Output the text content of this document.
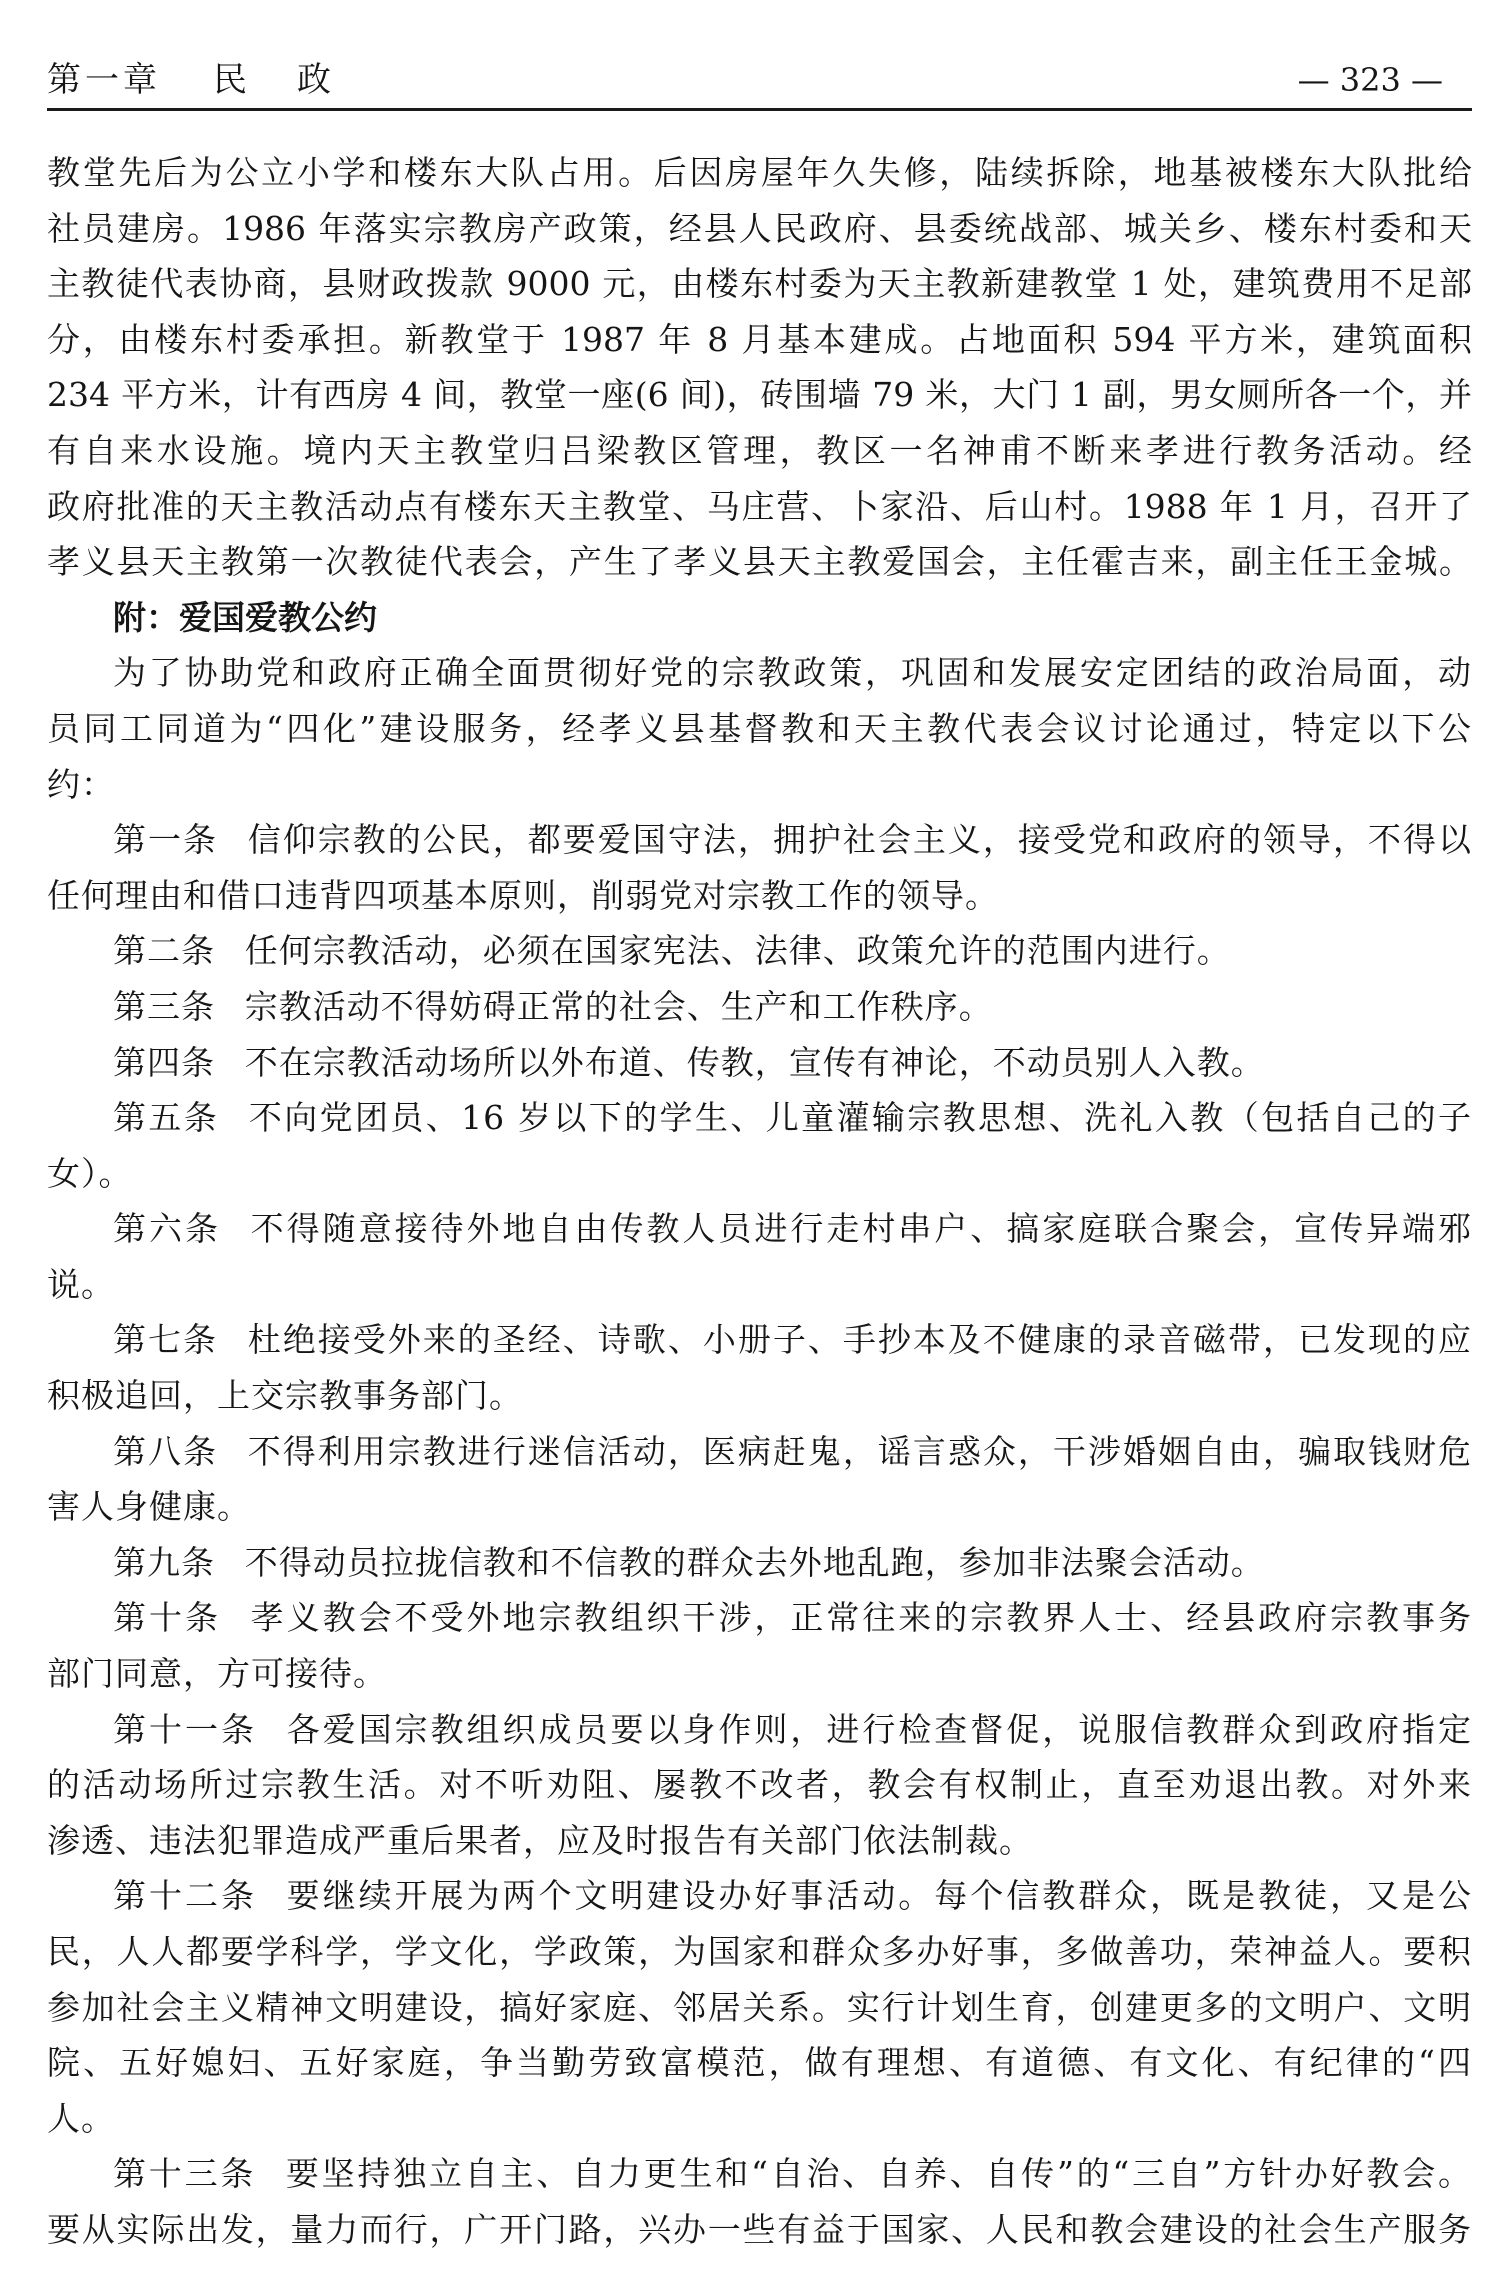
第一章 民政	— 323 —
教堂先后为公立小学和楼东大队占用。后因房屋年久失修，陆续拆除，地基被楼东大队批给
社员建房。1986 年落实宗教房产政策，经县人民政府、县委统战部、城关乡、楼东村委和天
主教徒代表协商，县财政拨款 9000 元，由楼东村委为天主教新建教堂 1 处，建筑费用不足部
分，由楼东村委承担。新教堂于 1987 年 8 月基本建成。占地面积 594 平方米，建筑面积
234 平方米，计有西房 4 间，教堂一座(6 间)，砖围墙 79 米，大门 1 副，男女厕所各一个，并
有自来水设施。境内天主教堂归吕梁教区管理，教区一名神甫不断来孝进行教务活动。经
政府批准的天主教活动点有楼东天主教堂、马庄营、卜家沿、后山村。1988 年 1 月，召开了
孝义县天主教第一次教徒代表会，产生了孝义县天主教爱国会，主任霍吉来，副主任王金城。
附：爱国爱教公约
为了协助党和政府正确全面贯彻好党的宗教政策，巩固和发展安定团结的政治局面，动
员同工同道为“四化”建设服务，经孝义县基督教和天主教代表会议讨论通过，特定以下公
约：
第一条 信仰宗教的公民，都要爱国守法，拥护社会主义，接受党和政府的领导，不得以
任何理由和借口违背四项基本原则，削弱党对宗教工作的领导。
第二条 任何宗教活动，必须在国家宪法、法律、政策允许的范围内进行。
第三条 宗教活动不得妨碍正常的社会、生产和工作秩序。
第四条 不在宗教活动场所以外布道、传教，宣传有神论，不动员别人入教。
第五条 不向党团员、16 岁以下的学生、儿童灌输宗教思想、洗礼入教（包括自己的子
女）。
第六条 不得随意接待外地自由传教人员进行走村串户、搞家庭联合聚会，宣传异端邪
说。
第七条 杜绝接受外来的圣经、诗歌、小册子、手抄本及不健康的录音磁带，已发现的应
积极追回，上交宗教事务部门。
第八条 不得利用宗教进行迷信活动，医病赶鬼，谣言惑众，干涉婚姻自由，骗取钱财危
害人身健康。
第九条 不得动员拉拢信教和不信教的群众去外地乱跑，参加非法聚会活动。
第十条 孝义教会不受外地宗教组织干涉，正常往来的宗教界人士、经县政府宗教事务
部门同意，方可接待。
第十一条 各爱国宗教组织成员要以身作则，进行检查督促，说服信教群众到政府指定
的活动场所过宗教生活。对不听劝阻、屡教不改者，教会有权制止，直至劝退出教。对外来
渗透、违法犯罪造成严重后果者，应及时报告有关部门依法制裁。
第十二条 要继续开展为两个文明建设办好事活动。每个信教群众，既是教徒，又是公
民，人人都要学科学，学文化，学政策，为国家和群众多办好事，多做善功，荣神益人。要积
参加社会主义精神文明建设，搞好家庭、邻居关系。实行计划生育，创建更多的文明户、文明
院、五好媳妇、五好家庭，争当勤劳致富模范，做有理想、有道德、有文化、有纪律的“四
人。
第十三条 要坚持独立自主、自力更生和“自治、自养、自传”的“三自”方针办好教会。
要从实际出发，量力而行，广开门路，兴办一些有益于国家、人民和教会建设的社会生产服务
